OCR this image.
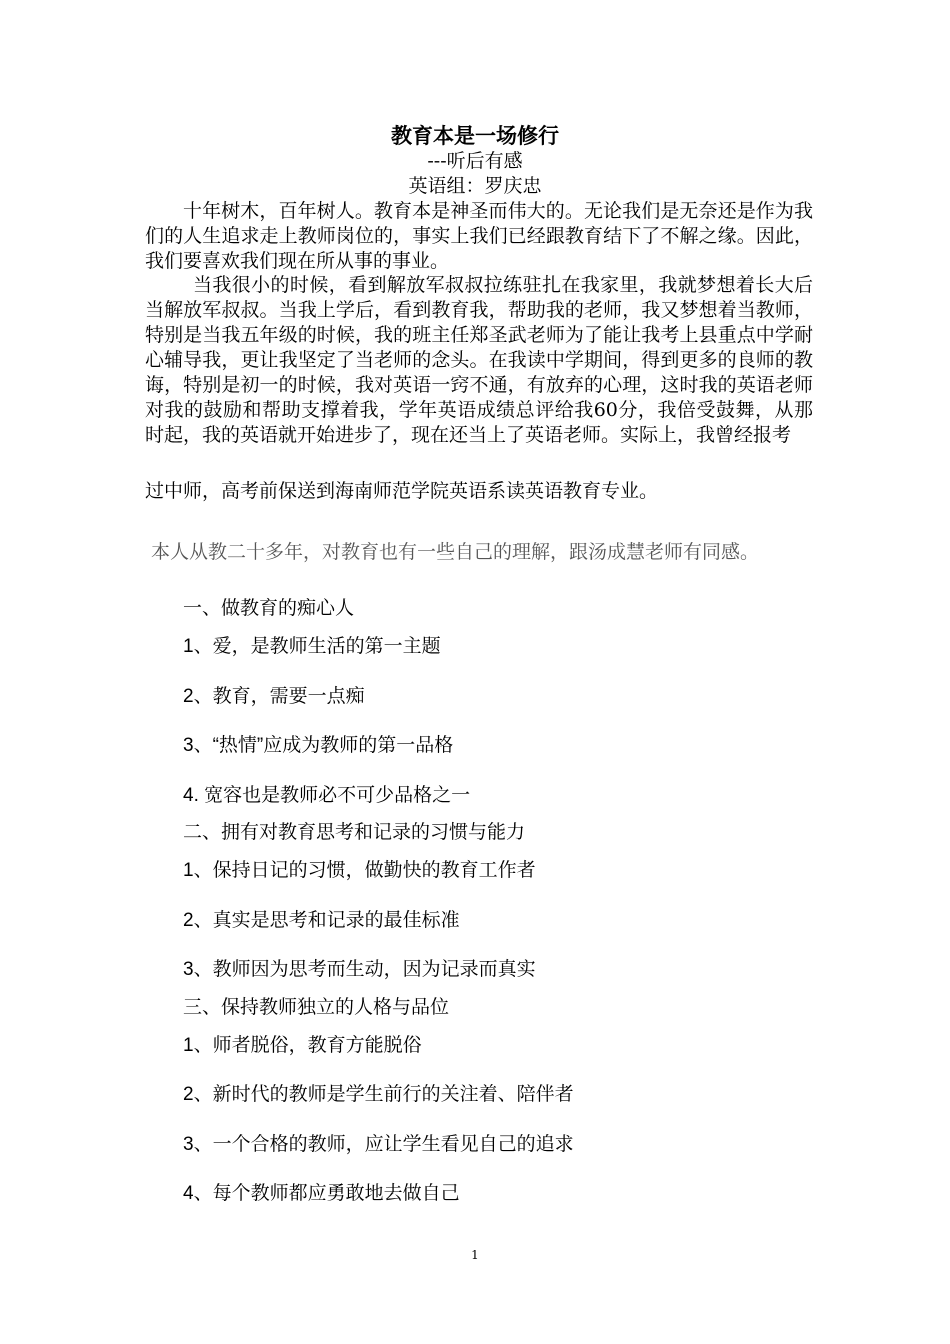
教育本是一场修行
---听后有感
英语组：罗庆忠
十年树木，百年树人。教育本是神圣而伟大的。无论我们是无奈还是作为我们的人生追求走上教师岗位的，事实上我们已经跟教育结下了不解之缘。因此，我们要喜欢我们现在所从事的事业。
当我很小的时候，看到解放军叔叔拉练驻扎在我家里，我就梦想着长大后当解放军叔叔。当我上学后，看到教育我，帮助我的老师，我又梦想着当教师，特别是当我五年级的时候，我的班主任郑圣武老师为了能让我考上县重点中学耐心辅导我，更让我坚定了当老师的念头。在我读中学期间，得到更多的良师的教诲，特别是初一的时候，我对英语一窍不通，有放弃的心理，这时我的英语老师对我的鼓励和帮助支撑着我，学年英语成绩总评给我60分，我倍受鼓舞，从那时起，我的英语就开始进步了，现在还当上了英语老师。实际上，我曾经报考
过中师，高考前保送到海南师范学院英语系读英语教育专业。
本人从教二十多年，对教育也有一些自己的理解，跟汤成慧老师有同感。
一、做教育的痴心人
1、爱，是教师生活的第一主题
2、教育，需要一点痴
3、“热情”应成为教师的第一品格
4. 宽容也是教师必不可少品格之一
二、拥有对教育思考和记录的习惯与能力
1、保持日记的习惯，做勤快的教育工作者
2、真实是思考和记录的最佳标准
3、教师因为思考而生动，因为记录而真实
三、保持教师独立的人格与品位
1、师者脱俗，教育方能脱俗
2、新时代的教师是学生前行的关注着、陪伴者
3、一个合格的教师，应让学生看见自己的追求
4、每个教师都应勇敢地去做自己
1
